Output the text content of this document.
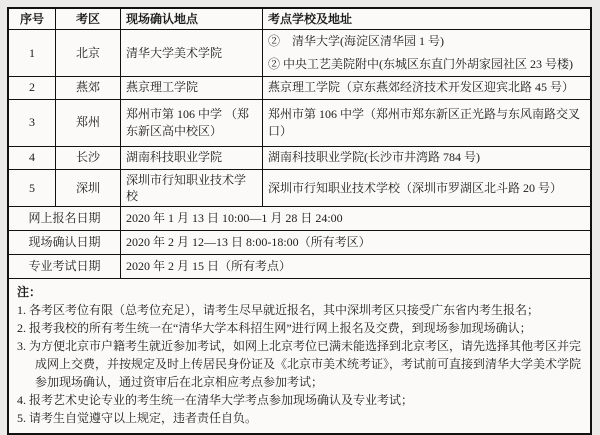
序号	考区	现场确认地点	考点学校及地址
1	北京	清华大学美术学院	②　清华大学(海淀区清华园 1 号)
② 中央工艺美院附中(东城区东直门外胡家园社区 23 号楼)

2	燕郊	燕京理工学院	燕京理工学院（京东燕郊经济技术开发区迎宾北路 45 号）
3	郑州	郑州市第 106 中学 （郑东新区高中校区）	郑州市第 106 中学（郑州市郑东新区正光路与东风南路交叉口）
4	长沙	湖南科技职业学院	湖南科技职业学院(长沙市井湾路 784 号)
5	深圳	深圳市行知职业技术学校	深圳市行知职业技术学校（深圳市罗湖区北斗路 20 号）
网上报名日期		2020 年 1 月 13 日 10:00—1 月 28 日 24:00	
现场确认日期		2020 年 2 月 12—13 日 8:00-18:00（所有考区）	
专业考试日期		2020 年 2 月 15 日（所有考点）	

注：
1. 各考区考位有限（总考位充足），请考生尽早就近报名，其中深圳考区只接受广东省内考生报名；
2. 报考我校的所有考生统一在“清华大学本科招生网”进行网上报名及交费，到现场参加现场确认；
3. 为方便北京市户籍考生就近参加考试，如网上北京考位已满未能选择到北京考区，请先选择其他考区并完成网上交费，并按规定及时上传居民身份证及《北京市美术统考证》，考试前可直接到清华大学美术学院参加现场确认，通过资审后在北京相应考点参加考试；
4. 报考艺术史论专业的考生统一在清华大学考点参加现场确认及专业考试；
5. 请考生自觉遵守以上规定，违者责任自负。
